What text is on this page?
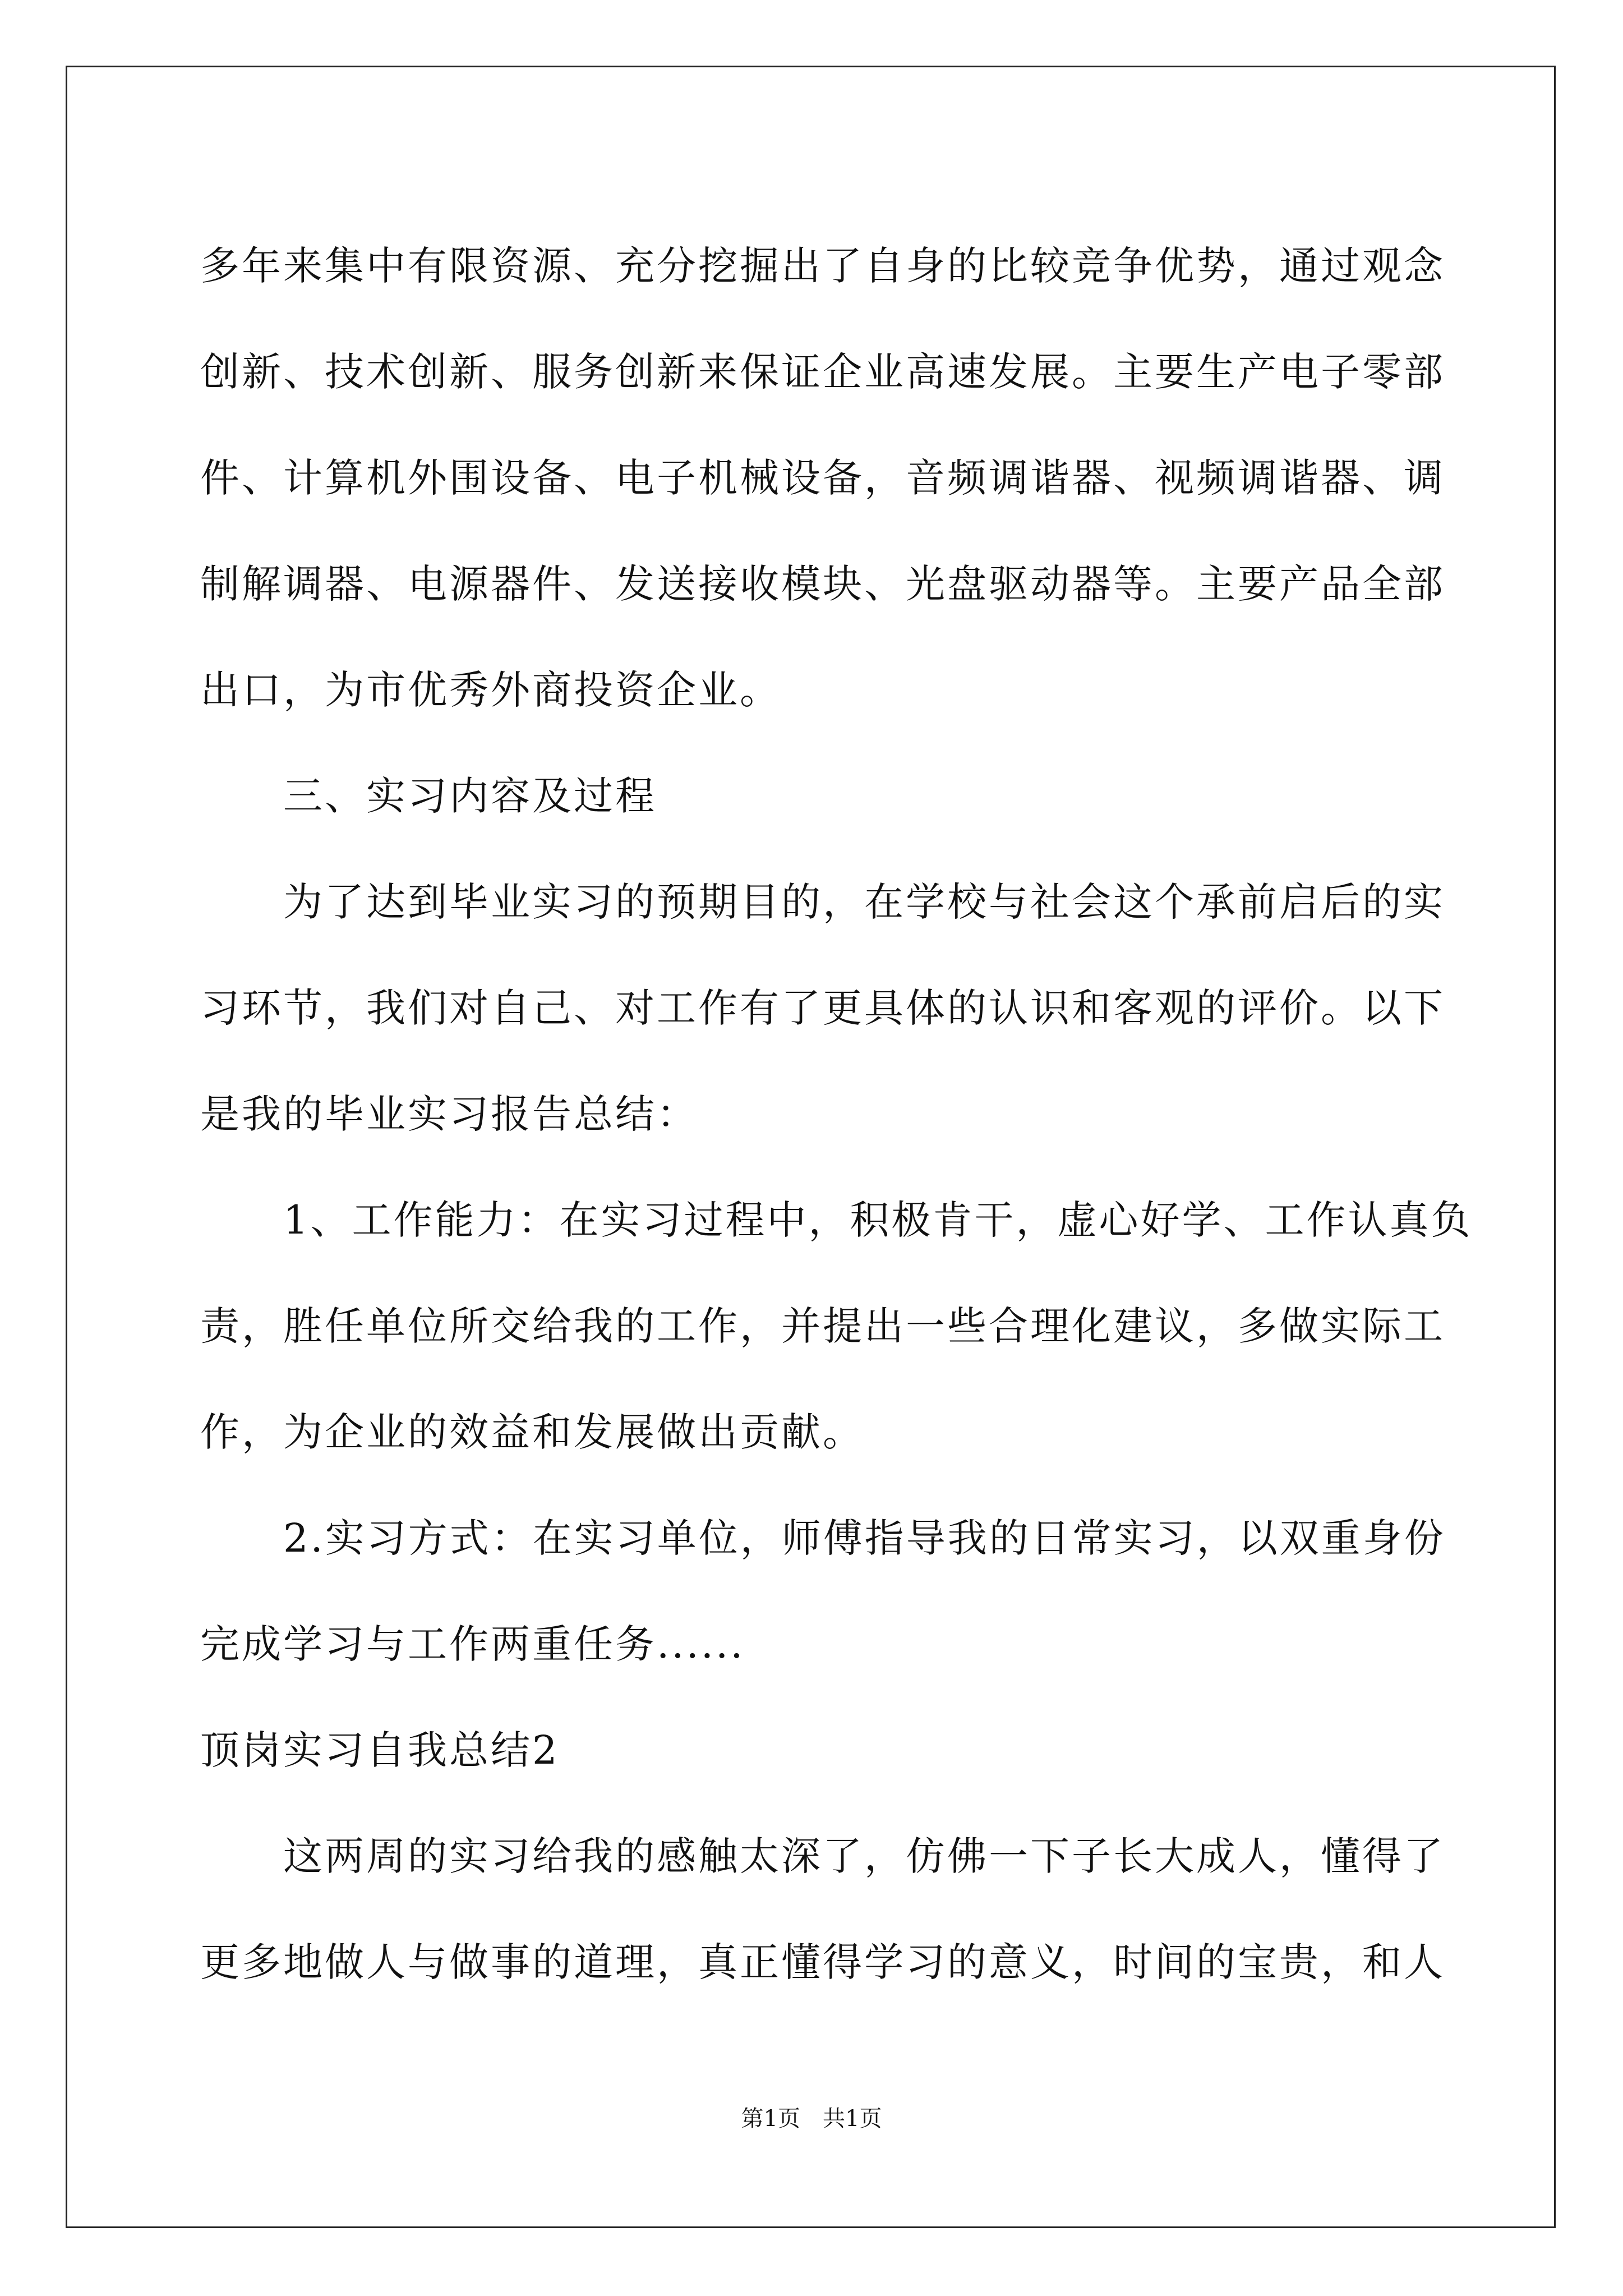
多年来集中有限资源、充分挖掘出了自身的比较竞争优势，通过观念
创新、技术创新、服务创新来保证企业高速发展。主要生产电子零部
件、计算机外围设备、电子机械设备，音频调谐器、视频调谐器、调
制解调器、电源器件、发送接收模块、光盘驱动器等。主要产品全部
出口，为市优秀外商投资企业。
　　三、实习内容及过程
　　为了达到毕业实习的预期目的，在学校与社会这个承前启后的实
习环节，我们对自己、对工作有了更具体的认识和客观的评价。以下
是我的毕业实习报告总结：
　　1、工作能力：在实习过程中，积极肯干，虚心好学、工作认真负
责，胜任单位所交给我的工作，并提出一些合理化建议，多做实际工
作，为企业的效益和发展做出贡献。
　　2.实习方式：在实习单位，师傅指导我的日常实习，以双重身份
完成学习与工作两重任务......
顶岗实习自我总结2
　　这两周的实习给我的感触太深了，仿佛一下子长大成人，懂得了
更多地做人与做事的道理，真正懂得学习的意义，时间的宝贵，和人
第1页　共1页
